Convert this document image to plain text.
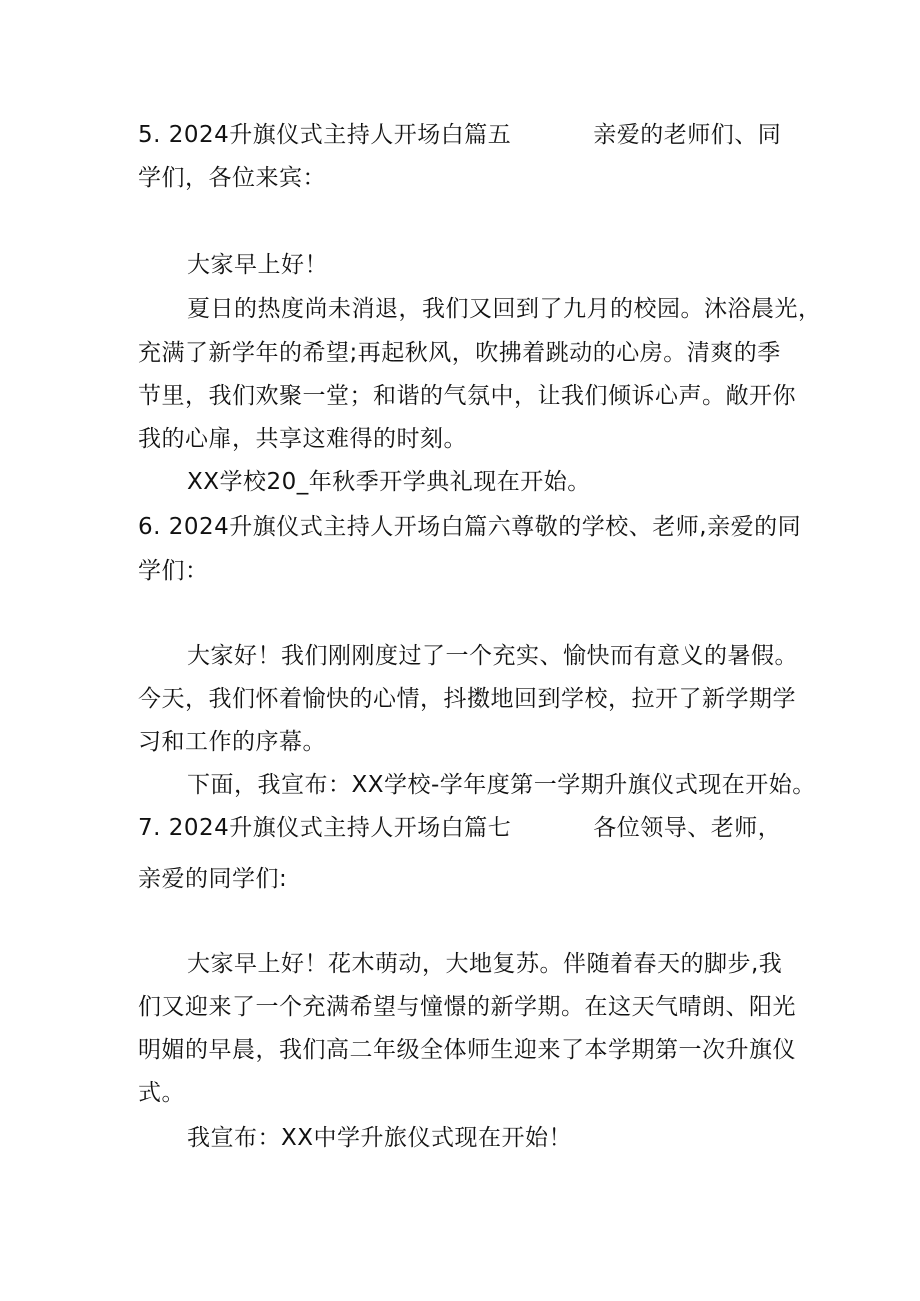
5. 2024升旗仪式主持人开场白篇五	亲爱的老师们、同
学们，各位来宾：
大家早上好！
夏日的热度尚未消退，我们又回到了九月的校园。沐浴晨光，
充满了新学年的希望;再起秋风，吹拂着跳动的心房。清爽的季
节里，我们欢聚一堂；和谐的气氛中，让我们倾诉心声。敞开你
我的心扉，共享这难得的时刻。
XX学校20_年秋季开学典礼现在开始。
6. 2024升旗仪式主持人开场白篇六尊敬的学校、老师,亲爱的同
学们：
大家好！我们刚刚度过了一个充实、愉快而有意义的暑假。
今天，我们怀着愉快的心情，抖擞地回到学校，拉开了新学期学
习和工作的序幕。
下面，我宣布：XX学校-学年度第一学期升旗仪式现在开始。
7. 2024升旗仪式主持人开场白篇七	各位领导、老师，
亲爱的同学们:
大家早上好！花木萌动，大地复苏。伴随着春天的脚步,我
们又迎来了一个充满希望与憧憬的新学期。在这天气晴朗、阳光
明媚的早晨，我们高二年级全体师生迎来了本学期第一次升旗仪
式。
我宣布：XX中学升旅仪式现在开始！
